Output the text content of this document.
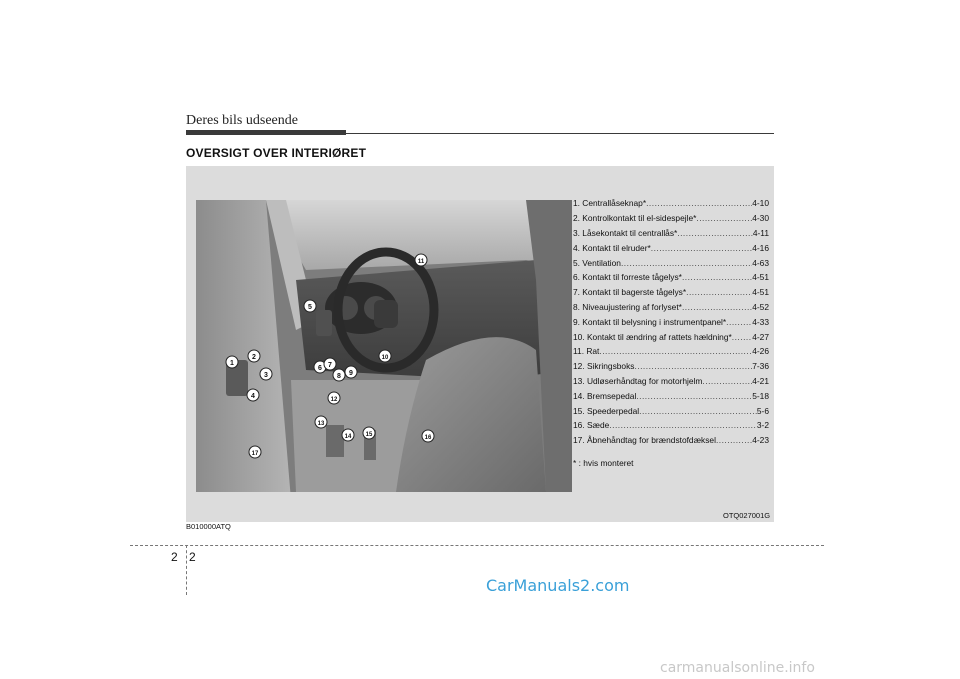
Deres bils udseende
OVERSIGT OVER INTERIØRET
1
2
3
4
5
6 7
8 9
10
11
12
13
14 15	16
17
1. Centrallåseknap* .....	4-10
2. Kontrolkontakt til el-sidespejle* .....	4-30
3. Låsekontakt til centrallås* .....	4-11
4. Kontakt til elruder* .....	4-16
5. Ventilation .....	4-63
6. Kontakt til forreste tågelys* .....	4-51
7. Kontakt til bagerste tågelys* .....	4-51
8. Niveaujustering af forlyset* .....	4-52
9. Kontakt til belysning i instrumentpanel* .....	4-33
10. Kontakt til ændring af rattets hældning* ..... 4-27
11. Rat .....	4-26
12. Sikringsboks .....	7-36
13. Udløserhåndtag for motorhjelm .....	4-21
14. Bremsepedal .....	5-18
15. Speederpedal .....	5-6
16. Sæde .....	3-2
17. Åbnehåndtag for brændstofdæksel .....	4-23
* : hvis monteret
OTQ027001G
B010000ATQ
2 2
CarManuals2.com
carmanualsonline.info
